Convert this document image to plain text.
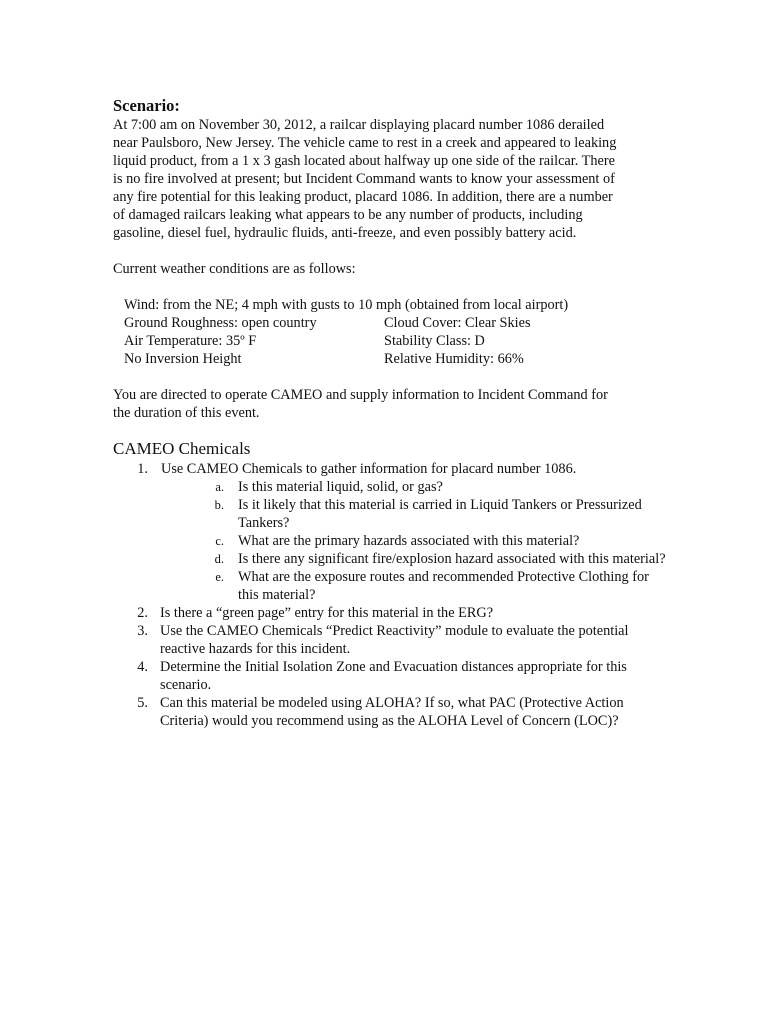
Scenario:

At 7:00 am on November 30, 2012, a railcar displaying placard number 1086 derailed
near Paulsboro, New Jersey. The vehicle came to rest in a creek and appeared to leaking
liquid product, from a 1 x 3 gash located about halfway up one side of the railcar. There
is no fire involved at present; but Incident Command wants to know your assessment of
any fire potential for this leaking product, placard 1086. In addition, there are a number
of damaged railcars leaking what appears to be any number of products, including
gasoline, diesel fuel, hydraulic fluids, anti-freeze, and even possibly battery acid.

Current weather conditions are as follows:

Wind: from the NE; 4 mph with gusts to 10 mph (obtained from local airport)
Ground Roughness: open country	Cloud Cover: Clear Skies
Air Temperature: 35º F	Stability Class: D
No Inversion Height	Relative Humidity: 66%

You are directed to operate CAMEO and supply information to Incident Command for
the duration of this event.

CAMEO Chemicals
1. Use CAMEO Chemicals to gather information for placard number 1086.
a. Is this material liquid, solid, or gas?

b. Is it likely that this material is carried in Liquid Tankers or Pressurized
Tankers?

c. What are the primary hazards associated with this material?

d. Is there any significant fire/explosion hazard associated with this material?

e. What are the exposure routes and recommended Protective Clothing for
this material?

2. Is there a “green page” entry for this material in the ERG?

3. Use the CAMEO Chemicals “Predict Reactivity” module to evaluate the potential
reactive hazards for this incident.

4. Determine the Initial Isolation Zone and Evacuation distances appropriate for this
scenario.

5. Can this material be modeled using ALOHA? If so, what PAC (Protective Action
Criteria) would you recommend using as the ALOHA Level of Concern (LOC)?
